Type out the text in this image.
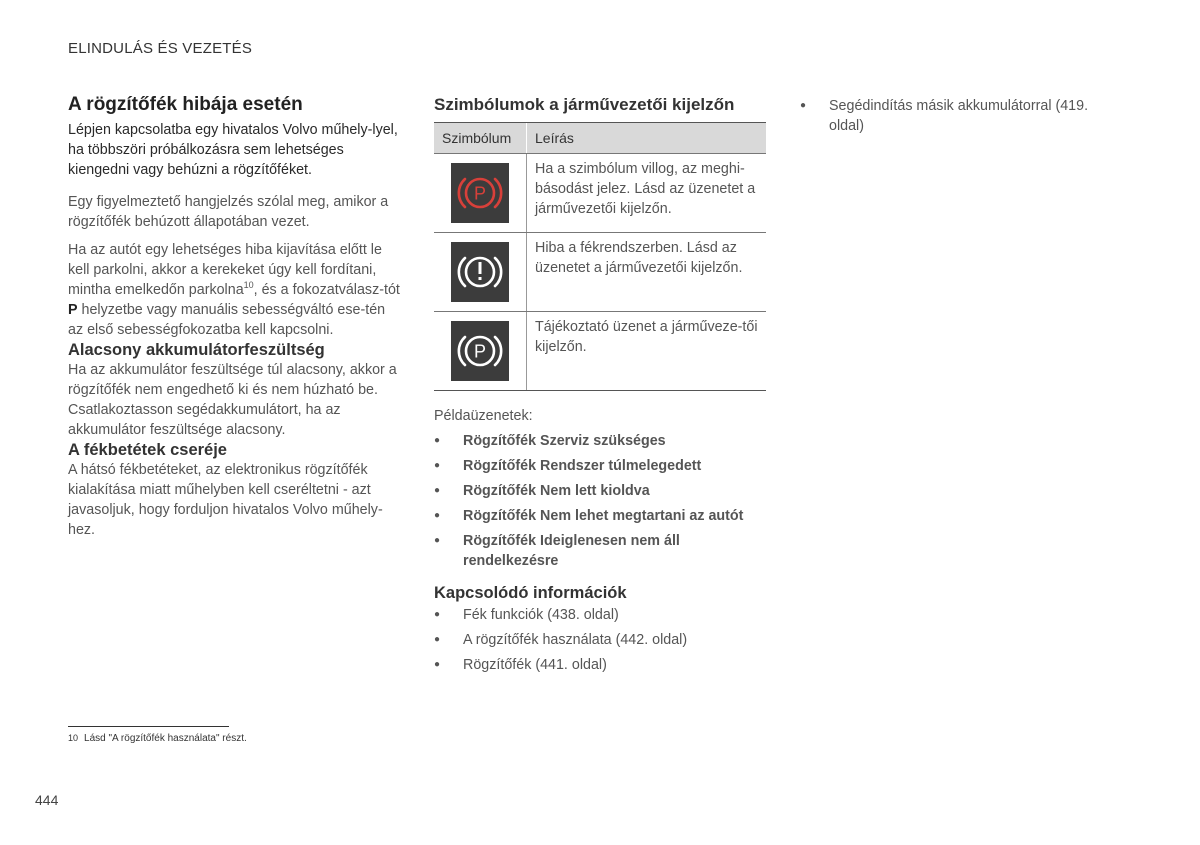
ELINDULÁS ÉS VEZETÉS
A rögzítőfék hibája esetén

Lépjen kapcsolatba egy hivatalos Volvo műhely-lyel, ha többszöri próbálkozásra sem lehetséges kiengedni vagy behúzni a rögzítőféket.

Egy figyelmeztető hangjelzés szólal meg, amikor a rögzítőfék behúzott állapotában vezet.

Ha az autót egy lehetséges hiba kijavítása előtt le kell parkolni, akkor a kerekeket úgy kell fordítani, mintha emelkedőn parkolna$^{10}$, és a fokozatválasz-tót P helyzetbe vagy manuális sebességváltó ese-tén az első sebességfokozatba kell kapcsolni.

Alacsony akkumulátorfeszültség

Ha az akkumulátor feszültsége túl alacsony, akkor a rögzítőfék nem engedhető ki és nem húzható be. Csatlakoztasson segédakkumulátort, ha az akkumulátor feszültsége alacsony.

A fékbetétek cseréje

A hátsó fékbetéteket, az elektronikus rögzítőfék kialakítása miatt műhelyben kell cseréltetni - azt javasoljuk, hogy forduljon hivatalos Volvo műhely-hez.

Szimbólumok a járművezetői kijelzőn
Szimbólum	Leírás
P
Ha a szimbólum villog, az meghi-básodást jelez. Lásd az üzenetet a járművezetői kijelzőn.
Hiba a fékrendszerben. Lásd az üzenetet a járművezetői kijelzőn.
P
Tájékoztató üzenet a járművezе-tői kijelzőn.

Példaüzenetek:

● Rögzítőfék Szerviz szükséges
● Rögzítőfék Rendszer túlmelegedett
● Rögzítőfék Nem lett kioldva
● Rögzítőfék Nem lehet megtartani az autót
● Rögzítőfék Ideiglenesen nem áll rendelkezésre
Kapcsolódó információk
● Fék funkciók (438. oldal)
● A rögzítőfék használata (442. oldal)
● Rögzítőfék (441. oldal)
● Segédindítás másik akkumulátorral (419. oldal)
10 Lásd "A rögzítőfék használata" részt.
444
